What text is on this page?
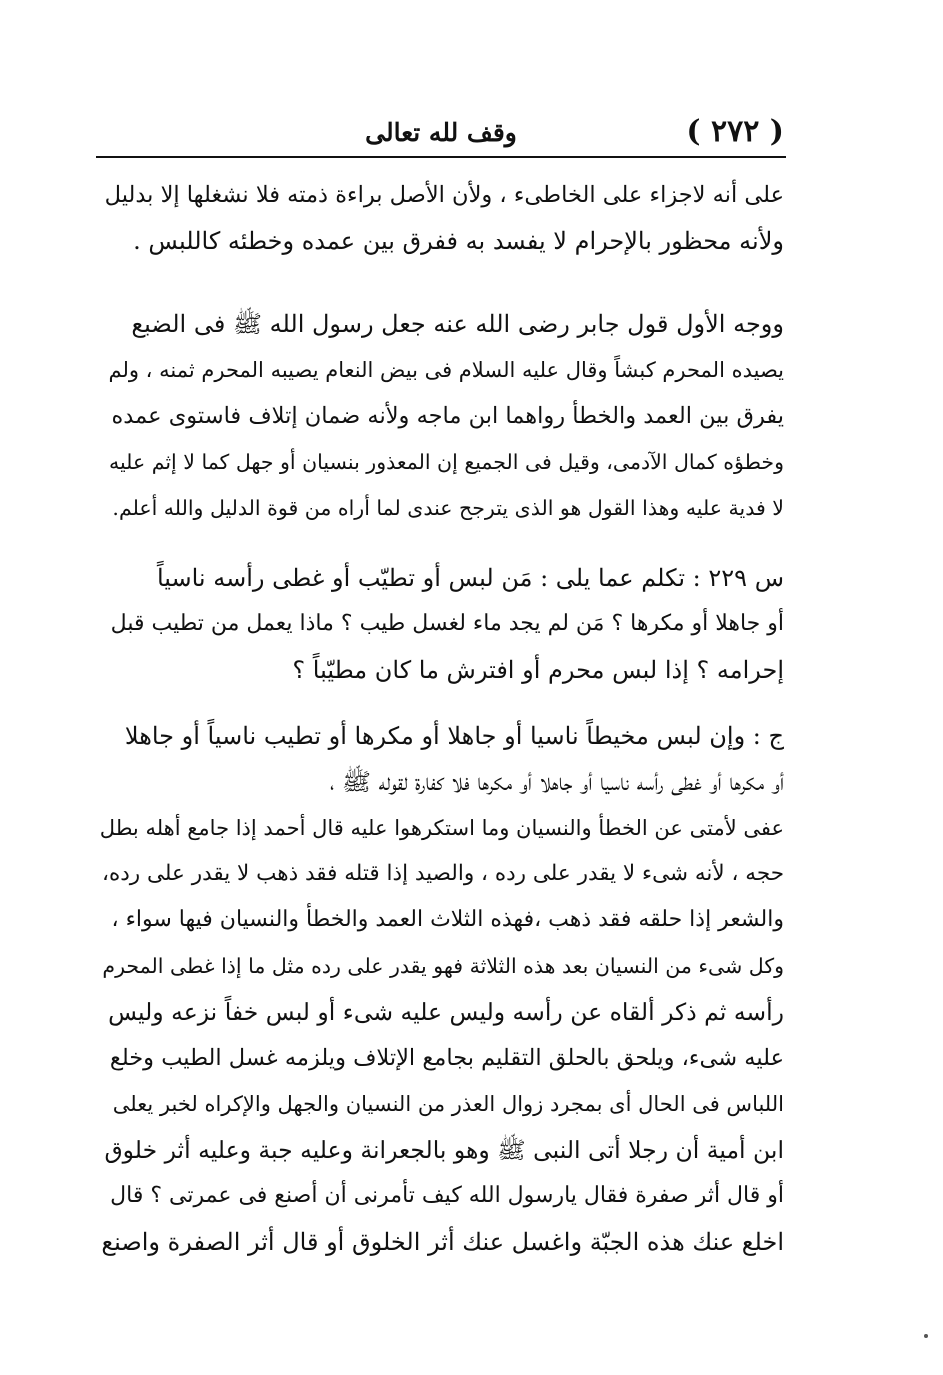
( ٢٧٢ )
وقف لله تعالى
على أنه لاجزاء على الخاطىء ، ولأن الأصل براءة ذمته فلا نشغلها إلا بدليل
ولأنه محظور بالإحرام لا يفسد به ففرق بين عمده وخطئه كاللبس .
ووجه الأول قول جابر رضى الله عنه جعل رسول الله ﷺ فى الضبع
يصيده المحرم كبشاً وقال عليه السلام فى بيض النعام يصيبه المحرم ثمنه ، ولم
يفرق بين العمد والخطأ رواهما ابن ماجه ولأنه ضمان إتلاف فاستوى عمده
وخطؤه كمال الآدمى، وقيل فى الجميع إن المعذور بنسيان أو جهل كما لا إثم عليه
لا فدية عليه وهذا القول هو الذى يترجح عندى لما أراه من قوة الدليل والله أعلم.
س ٢٢٩ : تكلم عما يلى : مَن لبس أو تطيّب أو غطى رأسه ناسياً
أو جاهلا أو مكرها ؟ مَن لم يجد ماء لغسل طيب ؟ ماذا يعمل من تطيب قبل
إحرامه ؟ إذا لبس محرم أو افترش ما كان مطيّباً ؟
ج : وإن لبس مخيطاً ناسيا أو جاهلا أو مكرها أو تطيب ناسياً أو جاهلا
أو مكرها أو غطى رأسه ناسيا أو جاهلا أو مكرها فلا كفارة لقوله ﷺ ،
عفى لأمتى عن الخطأ والنسيان وما استكرهوا عليه قال أحمد إذا جامع أهله بطل
حجه ، لأنه شىء لا يقدر على رده ، والصيد إذا قتله فقد ذهب لا يقدر على رده،
والشعر إذا حلقه فقد ذهب ،فهذه الثلاث العمد والخطأ والنسيان فيها سواء ،
وكل شىء من النسيان بعد هذه الثلاثة فهو يقدر على رده مثل ما إذا غطى المحرم
رأسه ثم ذكر ألقاه عن رأسه وليس عليه شىء أو لبس خفاً نزعه وليس
عليه شىء، ويلحق بالحلق التقليم بجامع الإتلاف ويلزمه غسل الطيب وخلع
اللباس فى الحال أى بمجرد زوال العذر من النسيان والجهل والإكراه لخبر يعلى
ابن أمية أن رجلا أتى النبى ﷺ وهو بالجعرانة وعليه جبة وعليه أثر خلوق
أو قال أثر صفرة فقال يارسول الله كيف تأمرنى أن أصنع فى عمرتى ؟ قال
اخلع عنك هذه الجبّة واغسل عنك أثر الخلوق أو قال أثر الصفرة واصنع
